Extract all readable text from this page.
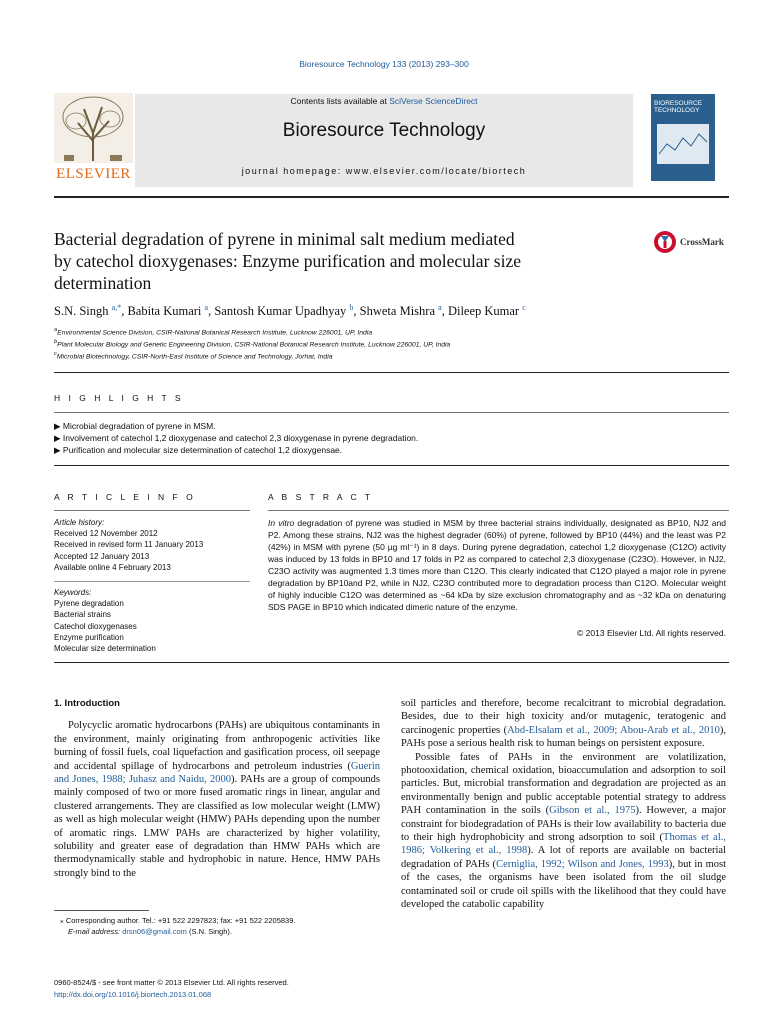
Bioresource Technology 133 (2013) 293–300
ELSEVIER
Contents lists available at SciVerse ScienceDirect
Bioresource Technology
journal homepage: www.elsevier.com/locate/biortech
BIORESOURCE TECHNOLOGY
Bacterial degradation of pyrene in minimal salt medium mediated
by catechol dioxygenases: Enzyme purification and molecular size
determination
CrossMark
S.N. Singh $^{a,*}$, Babita Kumari $^a$, Santosh Kumar Upadhyay $^b$, Shweta Mishra $^a$, Dileep Kumar $^c$
$^a$Environmental Science Division, CSIR-National Botanical Research Institute, Lucknow 226001, UP, India
$^b$Plant Molecular Biology and Genetic Engineering Division, CSIR-National Botanical Research Institute, Lucknow 226001, UP, India
$^c$Microbial Biotechnology, CSIR-North-East Institute of Science and Technology, Jorhat, India
H I G H L I G H T S
▶ Microbial degradation of pyrene in MSM.
▶ Involvement of catechol 1,2 dioxygenase and catechol 2,3 dioxygenase in pyrene degradation.
▶ Purification and molecular size determination of catechol 1,2 dioxygensae.
A R T I C L E I N F O
Article history:
Received 12 November 2012
Received in revised form 11 January 2013
Accepted 12 January 2013
Available online 4 February 2013
Keywords:
Pyrene degradation
Bacterial strains
Catechol dioxygenases
Enzyme purification
Molecular size determination
A B S T R A C T
In vitro degradation of pyrene was studied in MSM by three bacterial strains individually, designated as BP10, NJ2 and P2. Among these strains, NJ2 was the highest degrader (60%) of pyrene, followed by BP10 (44%) and the least was P2 (42%) in MSM with pyrene (50 µg ml⁻¹) in 8 days. During pyrene degradation, catechol 1,2 dioxygenase (C12O) activity was induced by 13 folds in BP10 and 17 folds in P2 as compared to catechol 2,3 dioxygenase (C23O). However, in NJ2, C23O activity was augmented 1.3 times more than C12O. This clearly indicated that C12O played a major role in pyrene degradation by BP10and P2, while in NJ2, C23O contributed more to degradation process than C12O. Molecular weight of highly inducible C12O was determined as ~64 kDa by size exclusion chromatography and as ~32 kDa on denaturing SDS PAGE in BP10 which indicated dimeric nature of the enzyme.
© 2013 Elsevier Ltd. All rights reserved.

1. Introduction

Polycyclic aromatic hydrocarbons (PAHs) are ubiquitous contaminants in the environment, mainly originating from anthropogenic activities like burning of fossil fuels, coal liquefaction and gasification process, oil seepage and accidental spillage of hydrocarbons and petroleum industries (Guerin and Jones, 1988; Juhasz and Naidu, 2000). PAHs are a group of compounds mainly composed of two or more fused aromatic rings in linear, angular and clustered arrangements. They are classified as low molecular weight (LMW) as well as high molecular weight (HMW) PAHs depending upon the number of aromatic rings. LMW PAHs are characterized by higher volatility, solubility and greater ease of degradation than HMW PAHs which are thermodynamically stable and hydrophobic in nature. Hence, HMW PAHs strongly bind to the

⁎ Corresponding author. Tel.: +91 522 2297823; fax: +91 522 2205839.
E-mail address: drsn06@gmail.com (S.N. Singh).

soil particles and therefore, become recalcitrant to microbial degradation. Besides, due to their high toxicity and/or mutagenic, teratogenic and carcinogenic properties (Abd-Elsalam et al., 2009; Abou-Arab et al., 2010), PAHs pose a serious health risk to human beings on persistent exposure.

Possible fates of PAHs in the environment are volatilization, photooxidation, chemical oxidation, bioaccumulation and adsorption to soil particles. But, microbial transformation and degradation are projected as an environmentally benign and public acceptable potential strategy to address PAH contamination in the soils (Gibson et al., 1975). However, a major constraint for biodegradation of PAHs is their low availability to bacteria due to their high hydrophobicity and strong adsorption to soil (Thomas et al., 1986; Volkering et al., 1998). A lot of reports are available on bacterial degradation of PAHs (Cerniglia, 1992; Wilson and Jones, 1993), but in most of the cases, the organisms have been isolated from the oil sludge contaminated soil or crude oil spills with the likelihood that they could have developed the catabolic capability

0960-8524/$ - see front matter © 2013 Elsevier Ltd. All rights reserved.
http://dx.doi.org/10.1016/j.biortech.2013.01.068
